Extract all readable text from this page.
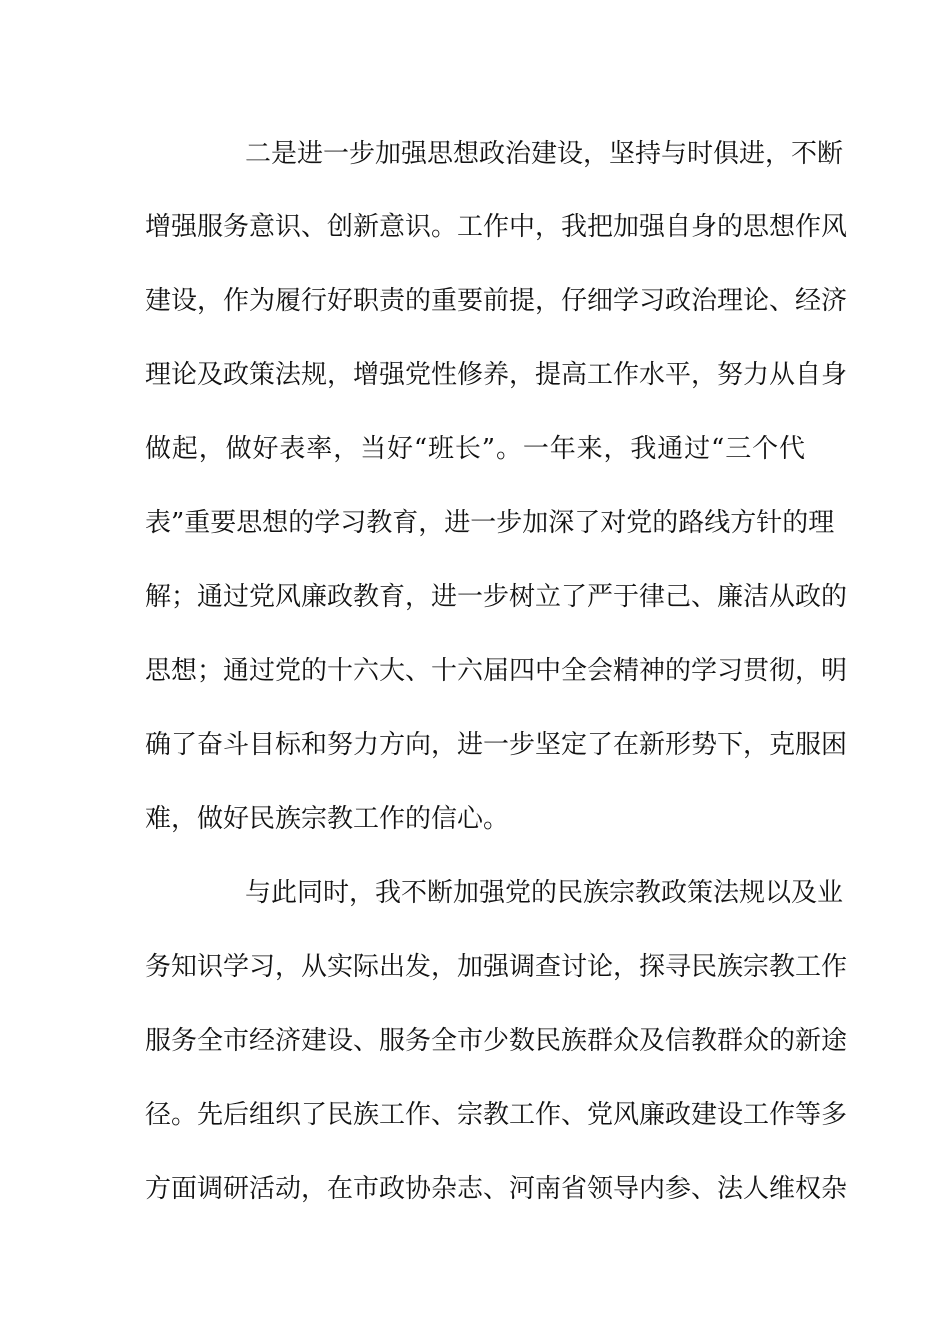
二是进一步加强思想政治建设，坚持与时俱进，不断
增强服务意识、创新意识。工作中，我把加强自身的思想作风
建设，作为履行好职责的重要前提，仔细学习政治理论、经济
理论及政策法规，增强党性修养，提高工作水平，努力从自身
做起，做好表率，当好“班长”。一年来，我通过“三个代
表”重要思想的学习教育，进一步加深了对党的路线方针的理
解；通过党风廉政教育，进一步树立了严于律己、廉洁从政的
思想；通过党的十六大、十六届四中全会精神的学习贯彻，明
确了奋斗目标和努力方向，进一步坚定了在新形势下，克服困
难，做好民族宗教工作的信心。
与此同时，我不断加强党的民族宗教政策法规以及业
务知识学习，从实际出发，加强调查讨论，探寻民族宗教工作
服务全市经济建设、服务全市少数民族群众及信教群众的新途
径。先后组织了民族工作、宗教工作、党风廉政建设工作等多
方面调研活动，在市政协杂志、河南省领导内参、法人维权杂
